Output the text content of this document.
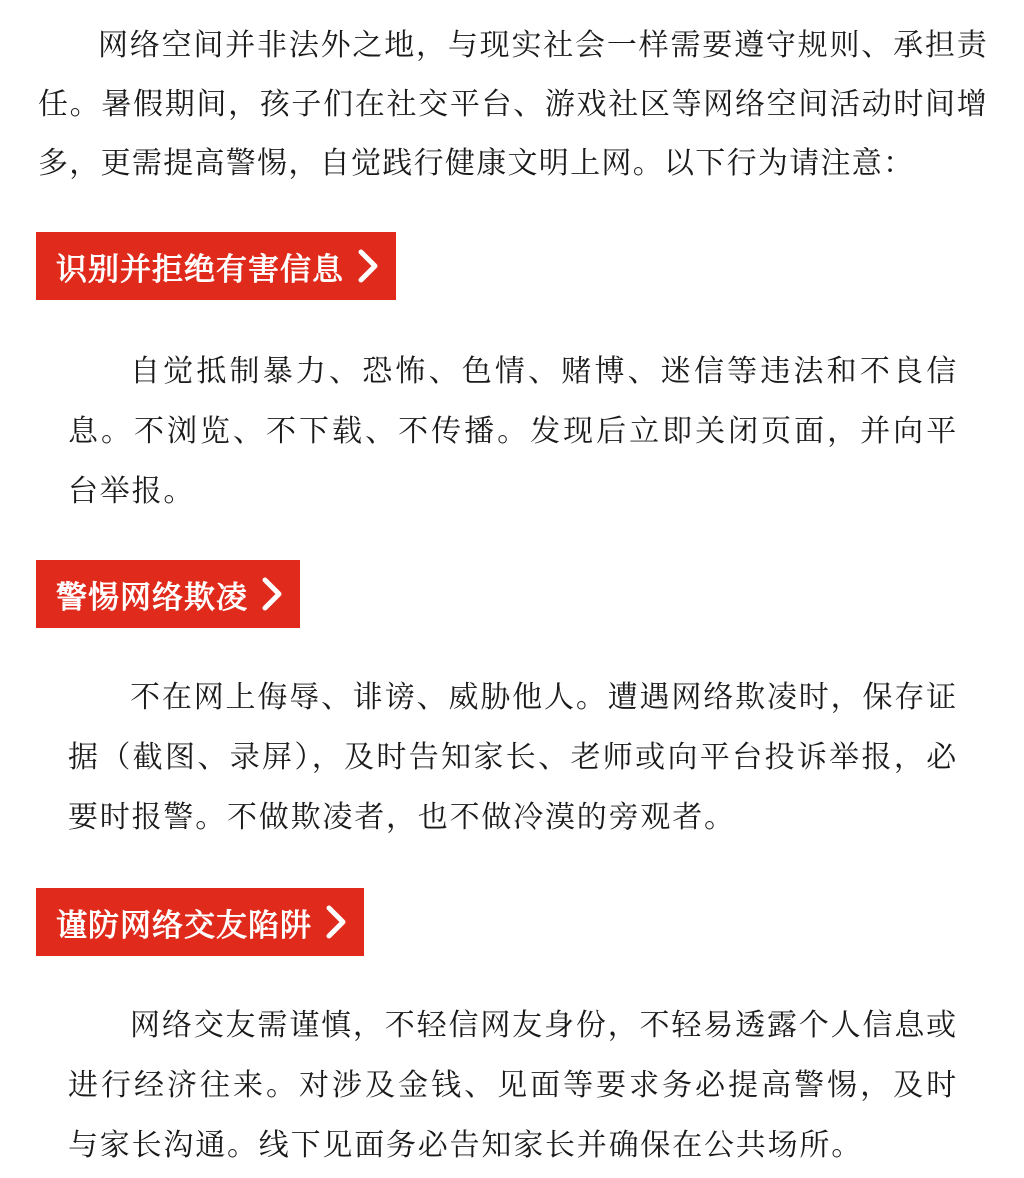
网络空间并非法外之地，与现实社会一样需要遵守规则、承担责任。暑假期间，孩子们在社交平台、游戏社区等网络空间活动时间增多，更需提高警惕，自觉践行健康文明上网。以下行为请注意：

识别并拒绝有害信息

自觉抵制暴力、恐怖、色情、赌博、迷信等违法和不良信息。不浏览、不下载、不传播。发现后立即关闭页面，并向平台举报。

警惕网络欺凌

不在网上侮辱、诽谤、威胁他人。遭遇网络欺凌时，保存证据（截图、录屏），及时告知家长、老师或向平台投诉举报，必要时报警。不做欺凌者，也不做冷漠的旁观者。

谨防网络交友陷阱

网络交友需谨慎，不轻信网友身份，不轻易透露个人信息或进行经济往来。对涉及金钱、见面等要求务必提高警惕，及时与家长沟通。线下见面务必告知家长并确保在公共场所。
